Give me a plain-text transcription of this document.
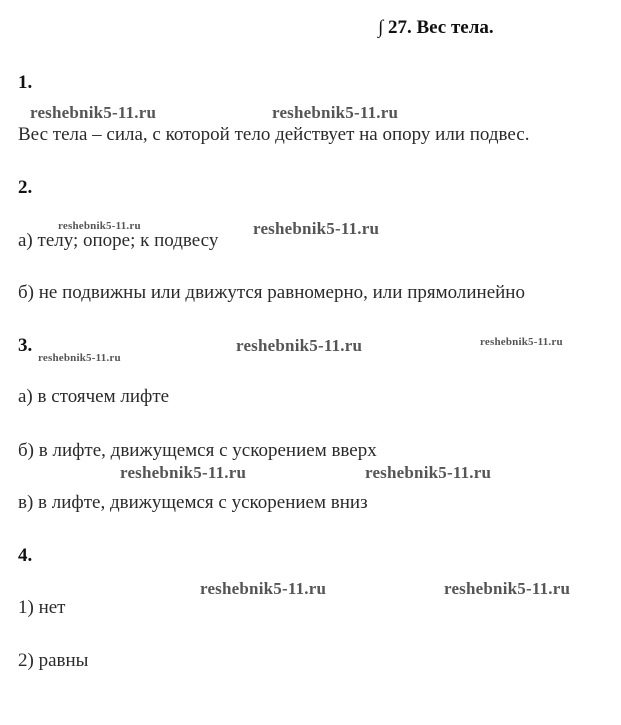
∫ 27. Вес тела.
1.
reshebnik5-11.ru	reshebnik5-11.ru
Вес тела – сила, с которой тело действует на опору или подвес.
2.
reshebnik5-11.ru	reshebnik5-11.ru
а) телу; опоре; к подвесу
б) не подвижны или движутся равномерно, или прямолинейно
3.
reshebnik5-11.ru
reshebnik5-11.ru	reshebnik5-11.ru
а) в стоячем лифте
б) в лифте, движущемся с ускорением вверх
reshebnik5-11.ru	reshebnik5-11.ru
в) в лифте, движущемся с ускорением вниз
4.
reshebnik5-11.ru	reshebnik5-11.ru
1) нет
2) равны
